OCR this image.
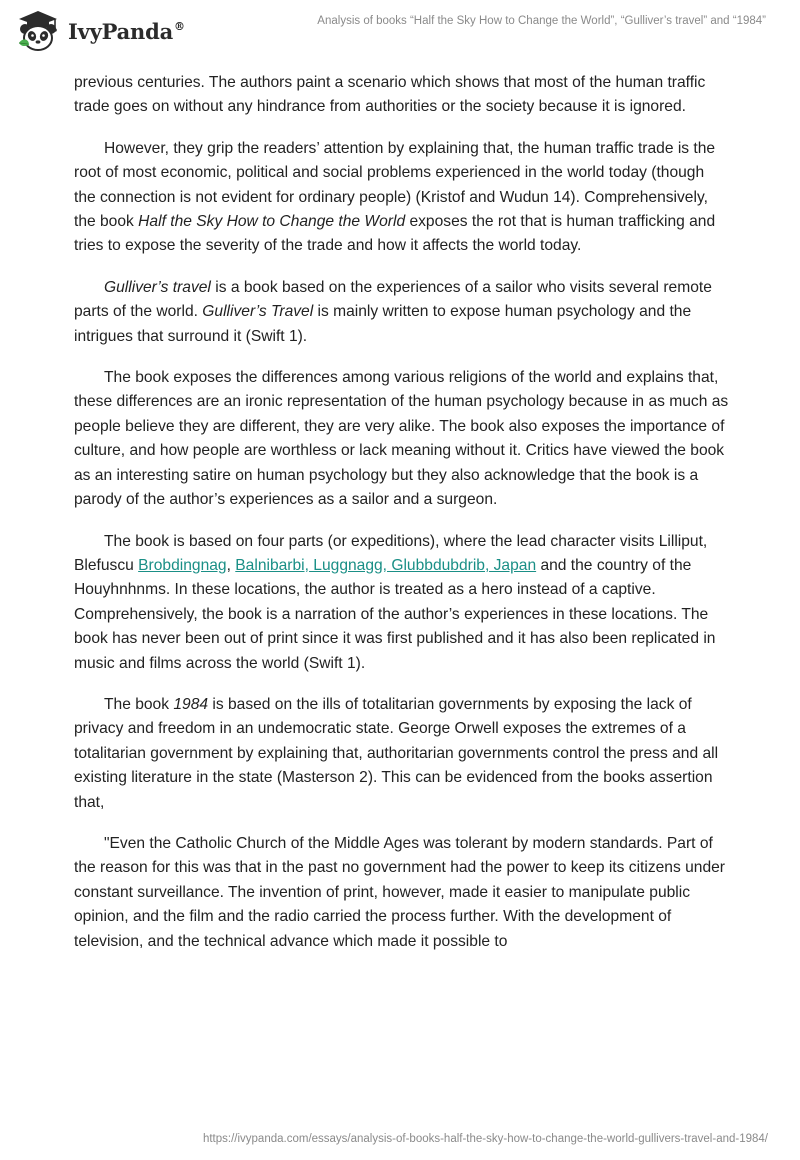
IvyPanda®	Analysis of books “Half the Sky How to Change the World”, “Gulliver’s travel” and “1984”

previous centuries. The authors paint a scenario which shows that most of the human traffic trade goes on without any hindrance from authorities or the society because it is ignored.

However, they grip the readers’ attention by explaining that, the human traffic trade is the root of most economic, political and social problems experienced in the world today (though the connection is not evident for ordinary people) (Kristof and Wudun 14). Comprehensively, the book Half the Sky How to Change the World exposes the rot that is human trafficking and tries to expose the severity of the trade and how it affects the world today.

Gulliver’s travel is a book based on the experiences of a sailor who visits several remote parts of the world. Gulliver’s Travel is mainly written to expose human psychology and the intrigues that surround it (Swift 1).

The book exposes the differences among various religions of the world and explains that, these differences are an ironic representation of the human psychology because in as much as people believe they are different, they are very alike. The book also exposes the importance of culture, and how people are worthless or lack meaning without it. Critics have viewed the book as an interesting satire on human psychology but they also acknowledge that the book is a parody of the author’s experiences as a sailor and a surgeon.

The book is based on four parts (or expeditions), where the lead character visits Lilliput, Blefuscu Brobdingnag, Balnibarbi, Luggnagg, Glubbdubdrib, Japan and the country of the Houyhnhnms. In these locations, the author is treated as a hero instead of a captive. Comprehensively, the book is a narration of the author’s experiences in these locations. The book has never been out of print since it was first published and it has also been replicated in music and films across the world (Swift 1).

The book 1984 is based on the ills of totalitarian governments by exposing the lack of privacy and freedom in an undemocratic state. George Orwell exposes the extremes of a totalitarian government by explaining that, authoritarian governments control the press and all existing literature in the state (Masterson 2). This can be evidenced from the books assertion that,

"Even the Catholic Church of the Middle Ages was tolerant by modern standards. Part of the reason for this was that in the past no government had the power to keep its citizens under constant surveillance. The invention of print, however, made it easier to manipulate public opinion, and the film and the radio carried the process further. With the development of television, and the technical advance which made it possible to

https://ivypanda.com/essays/analysis-of-books-half-the-sky-how-to-change-the-world-gullivers-travel-and-1984/
